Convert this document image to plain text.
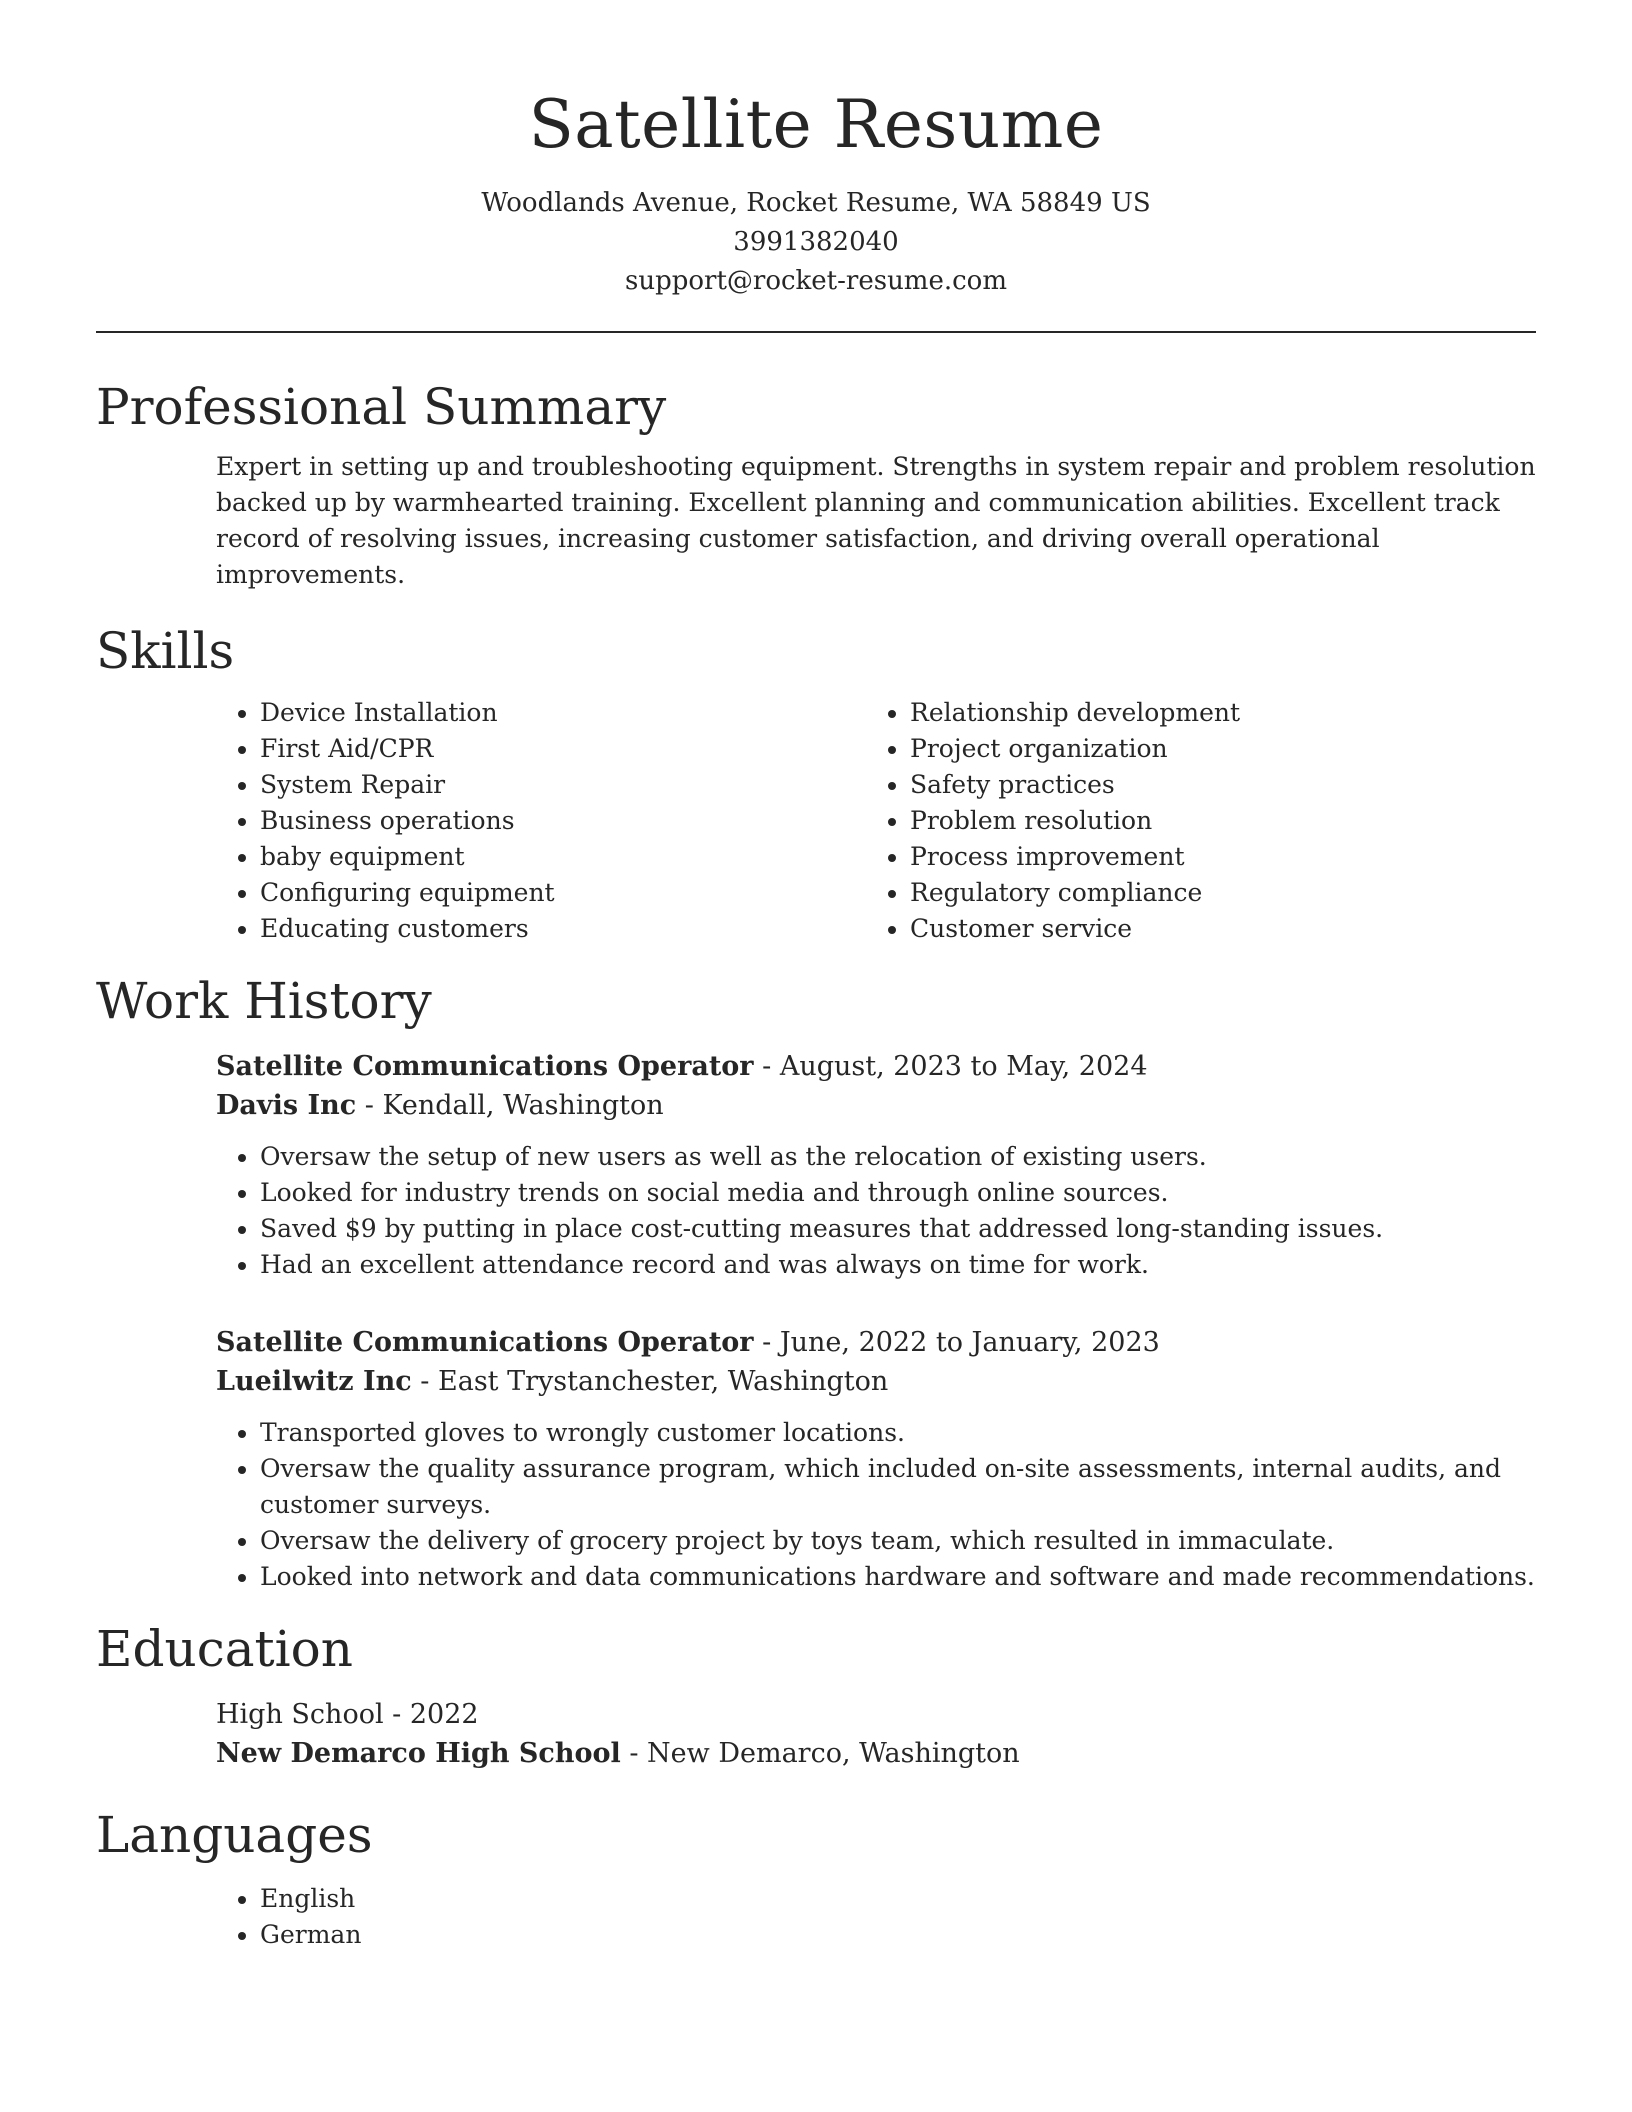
Satellite Resume
Woodlands Avenue, Rocket Resume, WA 58849 US
3991382040
support@rocket-resume.com
Professional Summary
Expert in setting up and troubleshooting equipment. Strengths in system repair and problem resolution backed up by warmhearted training. Excellent planning and communication abilities. Excellent track record of resolving issues, increasing customer satisfaction, and driving overall operational improvements.
Skills
• Device Installation
• First Aid/CPR
• System Repair
• Business operations
• baby equipment
• Configuring equipment
• Educating customers
• Relationship development
• Project organization
• Safety practices
• Problem resolution
• Process improvement
• Regulatory compliance
• Customer service
Work History
Satellite Communications Operator - August, 2023 to May, 2024
Davis Inc - Kendall, Washington
• Oversaw the setup of new users as well as the relocation of existing users.
• Looked for industry trends on social media and through online sources.
• Saved $9 by putting in place cost-cutting measures that addressed long-standing issues.
• Had an excellent attendance record and was always on time for work.
Satellite Communications Operator - June, 2022 to January, 2023
Lueilwitz Inc - East Trystanchester, Washington
• Transported gloves to wrongly customer locations.
• Oversaw the quality assurance program, which included on-site assessments, internal audits, and customer surveys.
• Oversaw the delivery of grocery project by toys team, which resulted in immaculate.
• Looked into network and data communications hardware and software and made recommendations.
Education
High School - 2022
New Demarco High School - New Demarco, Washington
Languages
• English
• German
